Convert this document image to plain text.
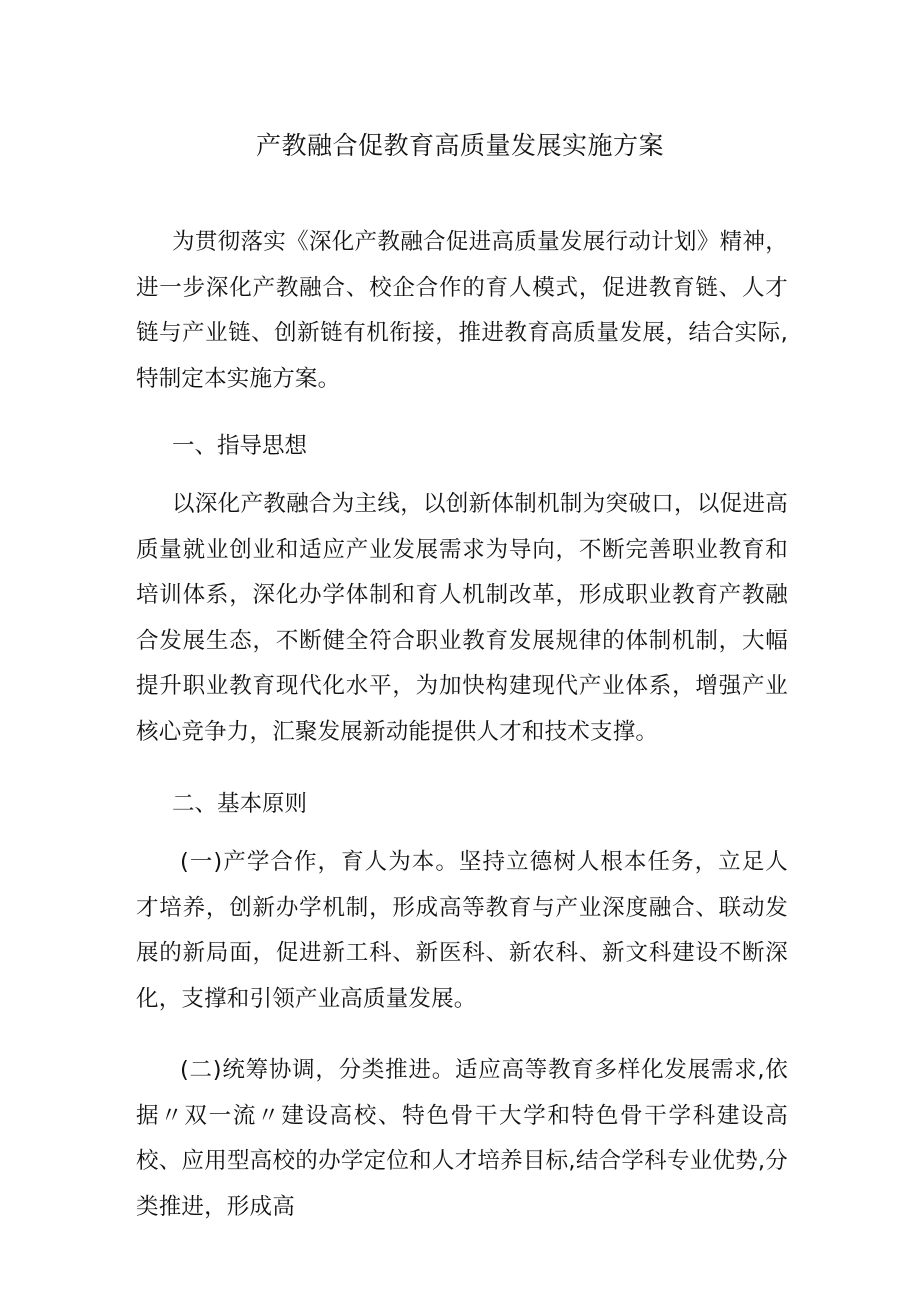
产教融合促教育高质量发展实施方案

为贯彻落实《深化产教融合促进高质量发展行动计划》精神，进一步深化产教融合、校企合作的育人模式，促进教育链、人才链与产业链、创新链有机衔接，推进教育高质量发展，结合实际,特制定本实施方案。

一、指导思想

以深化产教融合为主线，以创新体制机制为突破口，以促进高质量就业创业和适应产业发展需求为导向，不断完善职业教育和培训体系，深化办学体制和育人机制改革，形成职业教育产教融合发展生态，不断健全符合职业教育发展规律的体制机制，大幅提升职业教育现代化水平，为加快构建现代产业体系，增强产业核心竞争力，汇聚发展新动能提供人才和技术支撑。

二、基本原则

(一)产学合作，育人为本。坚持立德树人根本任务，立足人才培养，创新办学机制，形成高等教育与产业深度融合、联动发展的新局面，促进新工科、新医科、新农科、新文科建设不断深化，支撑和引领产业高质量发展。

(二)统筹协调，分类推进。适应高等教育多样化发展需求,依据〃双一流〃建设高校、特色骨干大学和特色骨干学科建设高校、应用型高校的办学定位和人才培养目标,结合学科专业优势,分类推进，形成高
